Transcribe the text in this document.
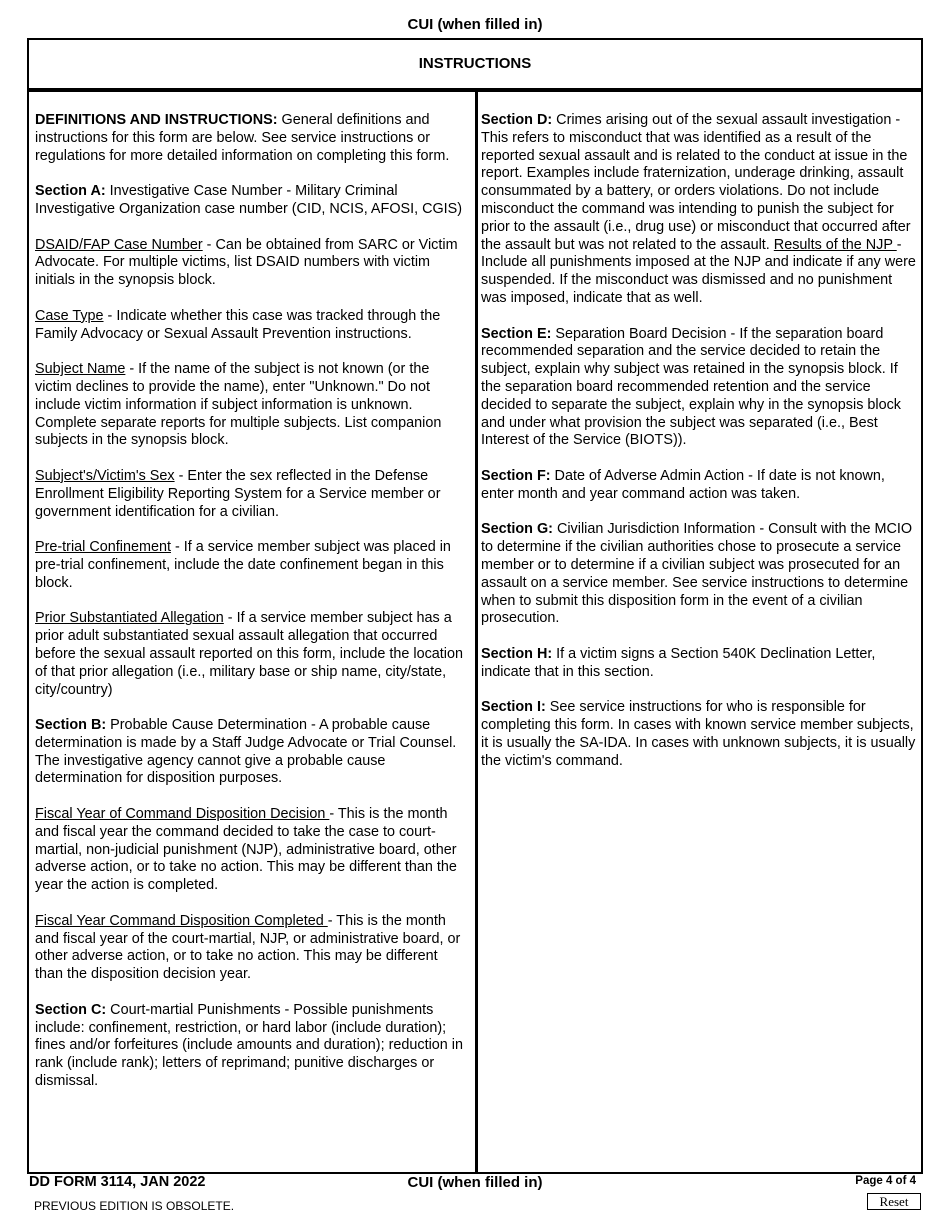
CUI (when filled in)
INSTRUCTIONS

DEFINITIONS AND INSTRUCTIONS: General definitions and instructions for this form are below. See service instructions or regulations for more detailed information on completing this form.

Section A: Investigative Case Number - Military Criminal Investigative Organization case number (CID, NCIS, AFOSI, CGIS)

DSAID/FAP Case Number - Can be obtained from SARC or Victim Advocate. For multiple victims, list DSAID numbers with victim initials in the synopsis block.

Case Type - Indicate whether this case was tracked through the Family Advocacy or Sexual Assault Prevention instructions.

Subject Name - If the name of the subject is not known (or the victim declines to provide the name), enter "Unknown." Do not include victim information if subject information is unknown. Complete separate reports for multiple subjects. List companion subjects in the synopsis block.

Subject's/Victim's Sex - Enter the sex reflected in the Defense Enrollment Eligibility Reporting System for a Service member or government identification for a civilian.

Pre-trial Confinement - If a service member subject was placed in pre-trial confinement, include the date confinement began in this block.

Prior Substantiated Allegation - If a service member subject has a prior adult substantiated sexual assault allegation that occurred before the sexual assault reported on this form, include the location of that prior allegation (i.e., military base or ship name, city/state, city/country)

Section B: Probable Cause Determination - A probable cause determination is made by a Staff Judge Advocate or Trial Counsel. The investigative agency cannot give a probable cause determination for disposition purposes.

Fiscal Year of Command Disposition Decision - This is the month and fiscal year the command decided to take the case to court-martial, non-judicial punishment (NJP), administrative board, other adverse action, or to take no action. This may be different than the year the action is completed.

Fiscal Year Command Disposition Completed - This is the month and fiscal year of the court-martial, NJP, or administrative board, or other adverse action, or to take no action. This may be different than the disposition decision year.

Section C: Court-martial Punishments - Possible punishments include: confinement, restriction, or hard labor (include duration); fines and/or forfeitures (include amounts and duration); reduction in rank (include rank); letters of reprimand; punitive discharges or dismissal.

Section D: Crimes arising out of the sexual assault investigation - This refers to misconduct that was identified as a result of the reported sexual assault and is related to the conduct at issue in the report. Examples include fraternization, underage drinking, assault consummated by a battery, or orders violations. Do not include misconduct the command was intending to punish the subject for prior to the assault (i.e., drug use) or misconduct that occurred after the assault but was not related to the assault. Results of the NJP - Include all punishments imposed at the NJP and indicate if any were suspended. If the misconduct was dismissed and no punishment was imposed, indicate that as well.

Section E: Separation Board Decision - If the separation board recommended separation and the service decided to retain the subject, explain why subject was retained in the synopsis block. If the separation board recommended retention and the service decided to separate the subject, explain why in the synopsis block and under what provision the subject was separated (i.e., Best Interest of the Service (BIOTS)).

Section F: Date of Adverse Admin Action - If date is not known, enter month and year command action was taken.

Section G: Civilian Jurisdiction Information - Consult with the MCIO to determine if the civilian authorities chose to prosecute a service member or to determine if a civilian subject was prosecuted for an assault on a service member. See service instructions to determine when to submit this disposition form in the event of a civilian prosecution.

Section H: If a victim signs a Section 540K Declination Letter, indicate that in this section.

Section I: See service instructions for who is responsible for completing this form. In cases with known service member subjects, it is usually the SA-IDA. In cases with unknown subjects, it is usually the victim's command.

DD FORM 3114, JAN 2022	CUI (when filled in)	Page 4 of 4
PREVIOUS EDITION IS OBSOLETE.	Reset
